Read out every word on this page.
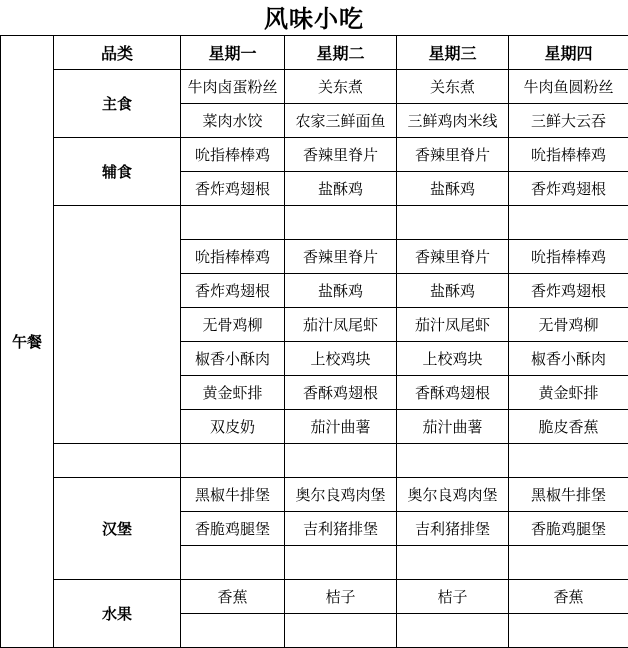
风味小吃
午餐	品类	星期一	星期二	星期三	星期四
	主食	牛肉卤蛋粉丝	关东煮	关东煮	牛肉鱼圆粉丝
		菜肉水饺	农家三鲜面鱼	三鲜鸡肉米线	三鲜大云吞
	辅食	吮指棒棒鸡	香辣里脊片	香辣里脊片	吮指棒棒鸡
		香炸鸡翅根	盐酥鸡	盐酥鸡	香炸鸡翅根

		吮指棒棒鸡	香辣里脊片	香辣里脊片	吮指棒棒鸡
		香炸鸡翅根	盐酥鸡	盐酥鸡	香炸鸡翅根
		无骨鸡柳	茄汁凤尾虾	茄汁凤尾虾	无骨鸡柳
		椒香小酥肉	上校鸡块	上校鸡块	椒香小酥肉
		黄金虾排	香酥鸡翅根	香酥鸡翅根	黄金虾排
		双皮奶	茄汁曲薯	茄汁曲薯	脆皮香蕉

	汉堡	黑椒牛排堡	奥尔良鸡肉堡	奥尔良鸡肉堡	黑椒牛排堡
		香脆鸡腿堡	吉利猪排堡	吉利猪排堡	香脆鸡腿堡

	水果	香蕉	桔子	桔子	香蕉
